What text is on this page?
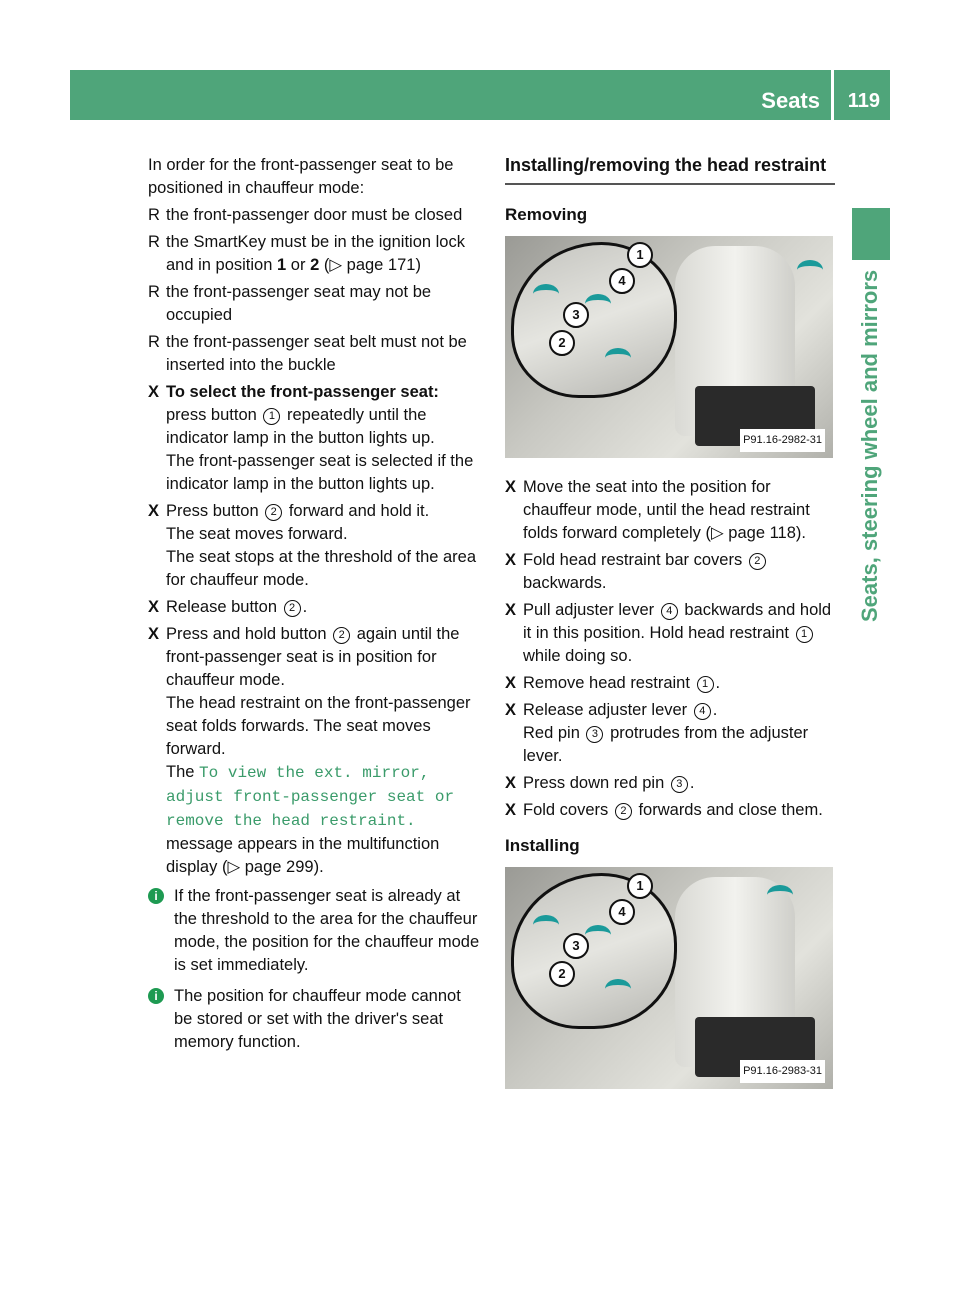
Seats 119
Seats, steering wheel and mirrors

In order for the front-passenger seat to be positioned in chauffeur mode:

R the front-passenger door must be closed
R the SmartKey must be in the ignition lock and in position 1 or 2 (▷ page 171)
R the front-passenger seat may not be occupied
R the front-passenger seat belt must not be inserted into the buckle
X To select the front-passenger seat:
press button 1 repeatedly until the indicator lamp in the button lights up.
The front-passenger seat is selected if the indicator lamp in the button lights up.
X Press button 2 forward and hold it.
The seat moves forward.
The seat stops at the threshold of the area for chauffeur mode.
X Release button 2 .
X Press and hold button 2 again until the front-passenger seat is in position for chauffeur mode.
The head restraint on the front-passenger seat folds forwards. The seat moves forward.
The To view the ext. mirror, adjust front-passenger seat or remove the head restraint. message appears in the multifunction display (▷ page 299).
i If the front-passenger seat is already at the threshold to the area for the chauffeur mode, the position for the chauffeur mode is set immediately.
i The position for chauffeur mode cannot be stored or set with the driver's seat memory function.
Installing/removing the head restraint
Removing
1
4
3
2
P91.16-2982-31
X Move the seat into the position for chauffeur mode, until the head restraint folds forward completely (▷ page 118).
X Fold head restraint bar covers 2 backwards.
X Pull adjuster lever 4 backwards and hold it in this position. Hold head restraint 1 while doing so.
X Remove head restraint 1 .
X Release adjuster lever 4 .
Red pin 3 protrudes from the adjuster lever.
X Press down red pin 3 .
X Fold covers 2 forwards and close them.
Installing
1
4
3
2
P91.16-2983-31
